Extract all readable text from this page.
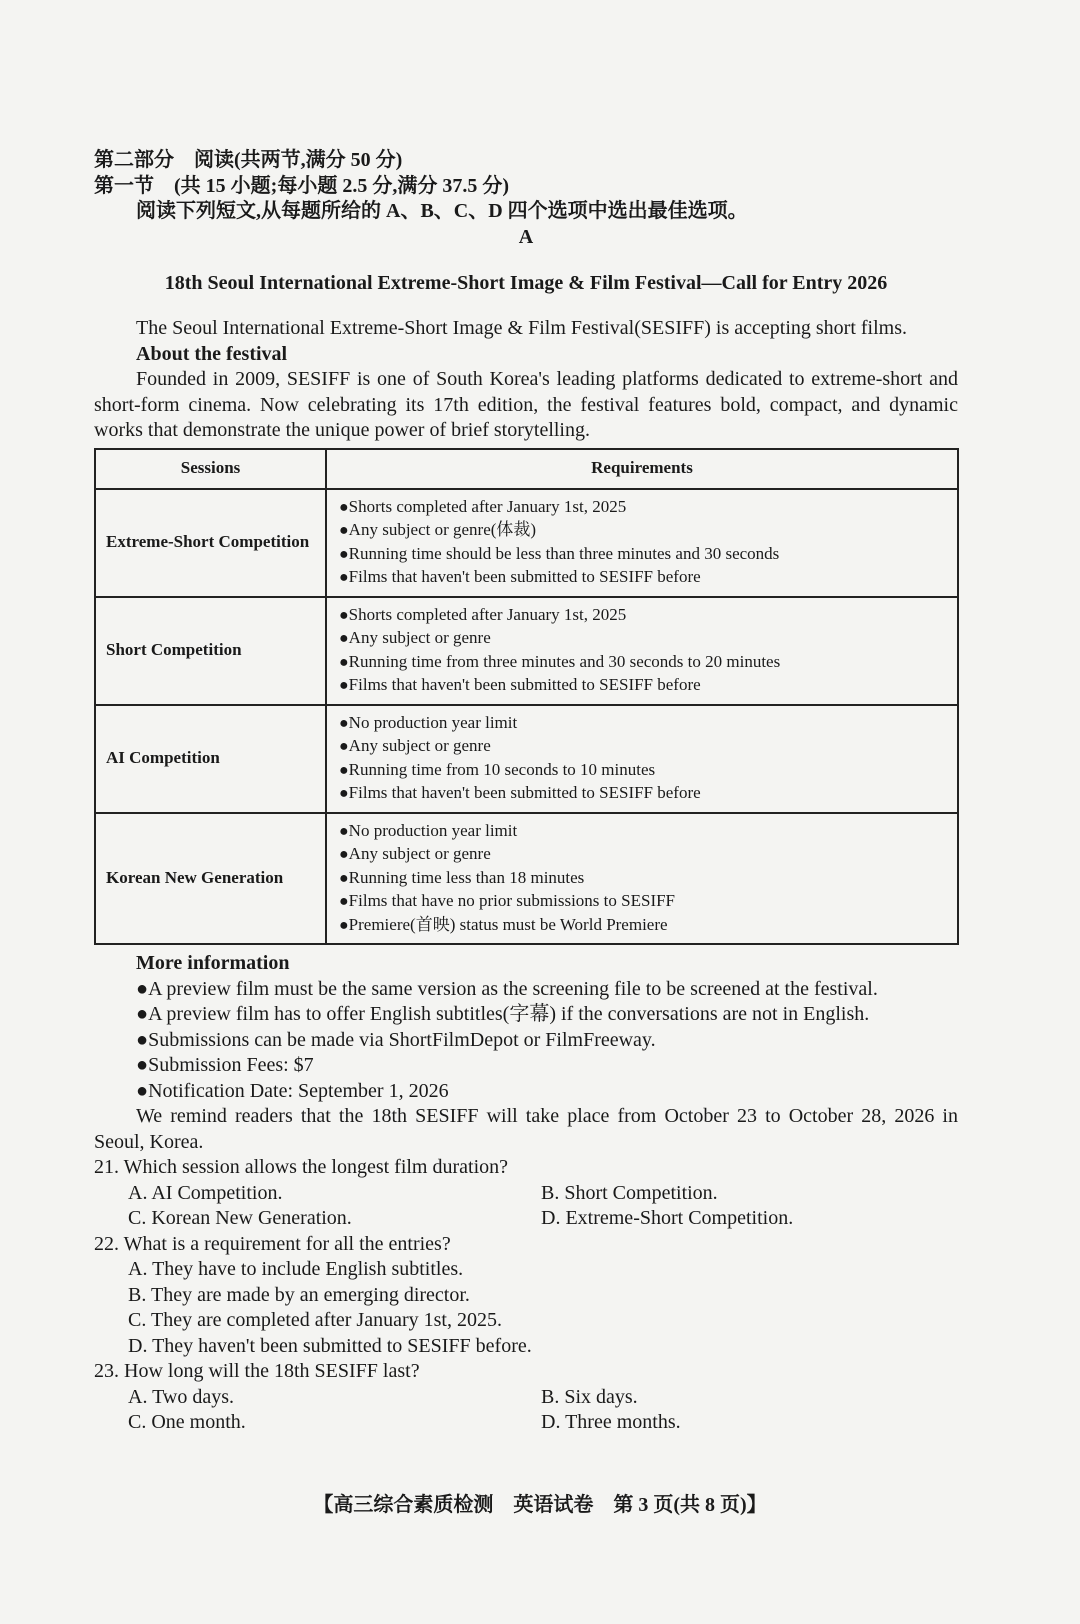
第二部分　阅读(共两节,满分 50 分)

第一节　(共 15 小题;每小题 2.5 分,满分 37.5 分)

阅读下列短文,从每题所给的 A、B、C、D 四个选项中选出最佳选项。

A

18th Seoul International Extreme-Short Image & Film Festival—Call for Entry 2026

The Seoul International Extreme-Short Image & Film Festival(SESIFF) is accepting short films.

About the festival

Founded in 2009, SESIFF is one of South Korea's leading platforms dedicated to extreme-short and short-form cinema. Now celebrating its 17th edition, the festival features bold, compact, and dynamic works that demonstrate the unique power of brief storytelling.

Sessions	Requirements
Extreme-Short Competition	●Shorts completed after January 1st, 2025
●Any subject or genre(体裁)
●Running time should be less than three minutes and 30 seconds
●Films that haven't been submitted to SESIFF before

Short Competition	●Shorts completed after January 1st, 2025
●Any subject or genre
●Running time from three minutes and 30 seconds to 20 minutes
●Films that haven't been submitted to SESIFF before

AI Competition	●No production year limit
●Any subject or genre
●Running time from 10 seconds to 10 minutes
●Films that haven't been submitted to SESIFF before

Korean New Generation	●No production year limit
●Any subject or genre
●Running time less than 18 minutes
●Films that have no prior submissions to SESIFF
●Premiere(首映) status must be World Premiere

More information

●A preview film must be the same version as the screening file to be screened at the festival.

●A preview film has to offer English subtitles(字幕) if the conversations are not in English.

●Submissions can be made via ShortFilmDepot or FilmFreeway.

●Submission Fees: $7

●Notification Date: September 1, 2026

We remind readers that the 18th SESIFF will take place from October 23 to October 28, 2026 in Seoul, Korea.

21. Which session allows the longest film duration?

A. AI Competition.	B. Short Competition.
C. Korean New Generation.	D. Extreme-Short Competition.

22. What is a requirement for all the entries?

A. They have to include English subtitles.
B. They are made by an emerging director.
C. They are completed after January 1st, 2025.
D. They haven't been submitted to SESIFF before.

23. How long will the 18th SESIFF last?

A. Two days.	B. Six days.
C. One month.	D. Three months.
【高三综合素质检测　英语试卷　第 3 页(共 8 页)】
